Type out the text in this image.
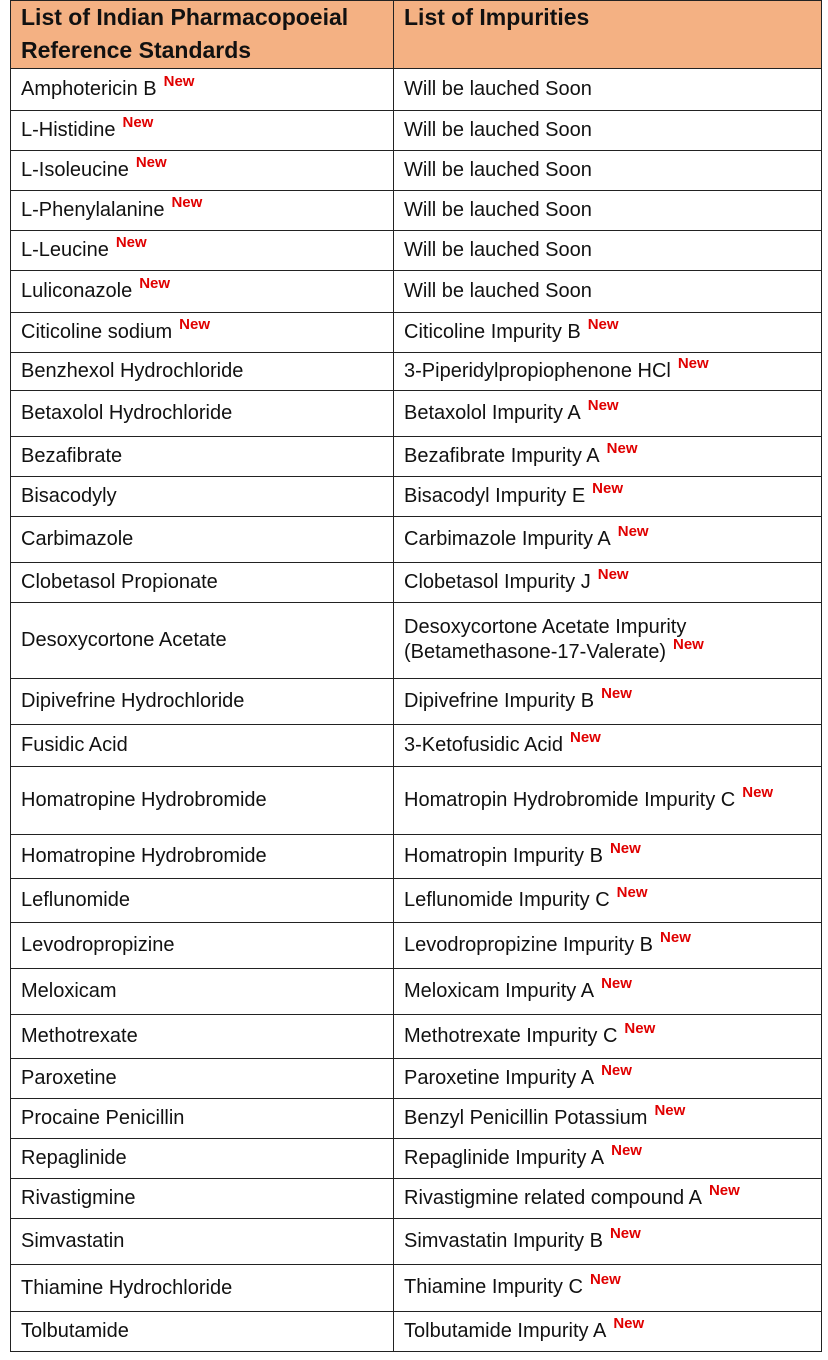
List of Indian Pharmacopoeial Reference Standards	List of Impurities
Amphotericin B $^{New}$	Will be lauched Soon
L-Histidine $^{New}$	Will be lauched Soon
L-Isoleucine $^{New}$	Will be lauched Soon
L-Phenylalanine $^{New}$	Will be lauched Soon
L-Leucine $^{New}$	Will be lauched Soon
Luliconazole $^{New}$	Will be lauched Soon
Citicoline sodium $^{New}$	Citicoline Impurity B $^{New}$
Benzhexol Hydrochloride	3-Piperidylpropiophenone HCl $^{New}$
Betaxolol Hydrochloride	Betaxolol Impurity A $^{New}$
Bezafibrate	Bezafibrate Impurity A $^{New}$
Bisacodyly	Bisacodyl Impurity E $^{New}$
Carbimazole	Carbimazole Impurity A $^{New}$
Clobetasol Propionate	Clobetasol Impurity J $^{New}$
Desoxycortone Acetate	Desoxycortone Acetate Impurity (Betamethasone-17-Valerate) $^{New}$
Dipivefrine Hydrochloride	Dipivefrine Impurity B $^{New}$
Fusidic Acid	3-Ketofusidic Acid $^{New}$
Homatropine Hydrobromide	Homatropin Hydrobromide Impurity C $^{New}$
Homatropine Hydrobromide	Homatropin Impurity B $^{New}$
Leflunomide	Leflunomide Impurity C $^{New}$
Levodropropizine	Levodropropizine Impurity B $^{New}$
Meloxicam	Meloxicam Impurity A $^{New}$
Methotrexate	Methotrexate Impurity C $^{New}$
Paroxetine	Paroxetine Impurity A $^{New}$
Procaine Penicillin	Benzyl Penicillin Potassium $^{New}$
Repaglinide	Repaglinide Impurity A $^{New}$
Rivastigmine	Rivastigmine related compound A $^{New}$
Simvastatin	Simvastatin Impurity B $^{New}$
Thiamine Hydrochloride	Thiamine Impurity C $^{New}$
Tolbutamide	Tolbutamide Impurity A $^{New}$
